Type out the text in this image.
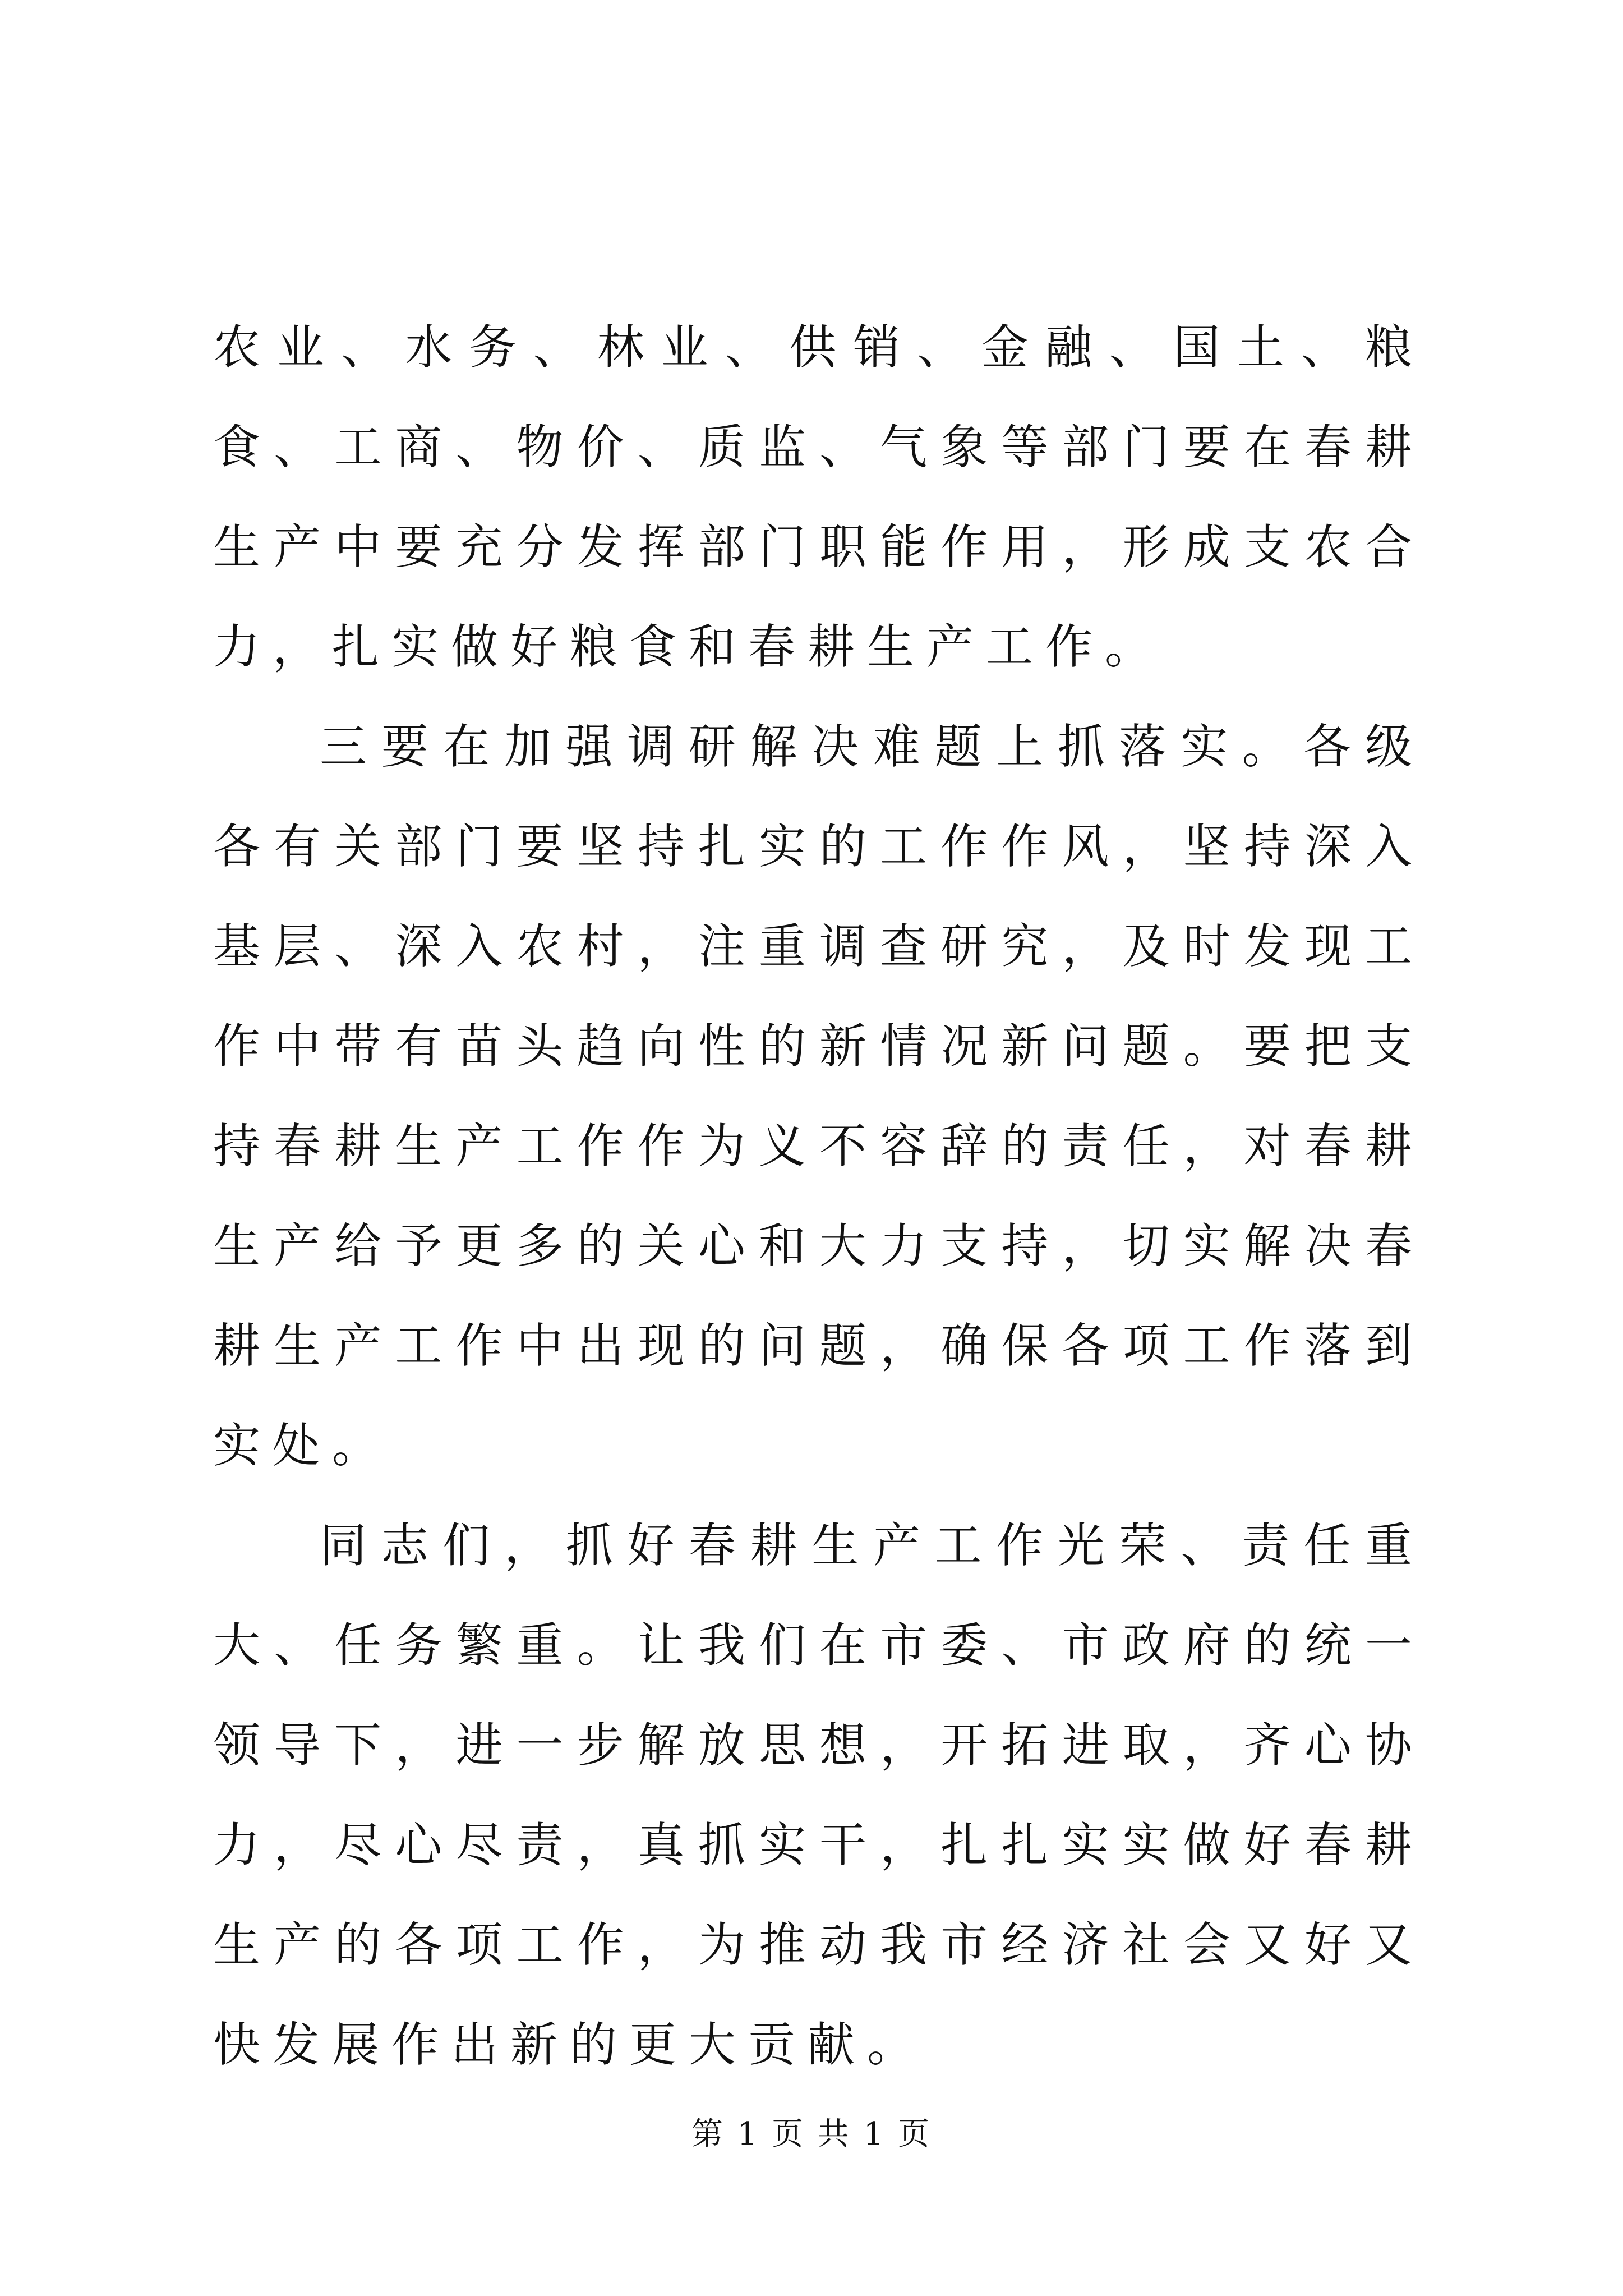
农业、水务、林业、供销、金融、国土、粮食、工商、物价、质监、气象等部门要在春耕生产中要充分发挥部门职能作用，形成支农合力，扎实做好粮食和春耕生产工作。

三要在加强调研解决难题上抓落实。各级各有关部门要坚持扎实的工作作风，坚持深入基层、深入农村，注重调查研究，及时发现工作中带有苗头趋向性的新情况新问题。要把支持春耕生产工作作为义不容辞的责任，对春耕生产给予更多的关心和大力支持，切实解决春耕生产工作中出现的问题，确保各项工作落到实处。

同志们，抓好春耕生产工作光荣、责任重大、任务繁重。让我们在市委、市政府的统一领导下，进一步解放思想，开拓进取，齐心协力，尽心尽责，真抓实干，扎扎实实做好春耕生产的各项工作，为推动我市经济社会又好又快发展作出新的更大贡献。

第 1 页 共 1 页
